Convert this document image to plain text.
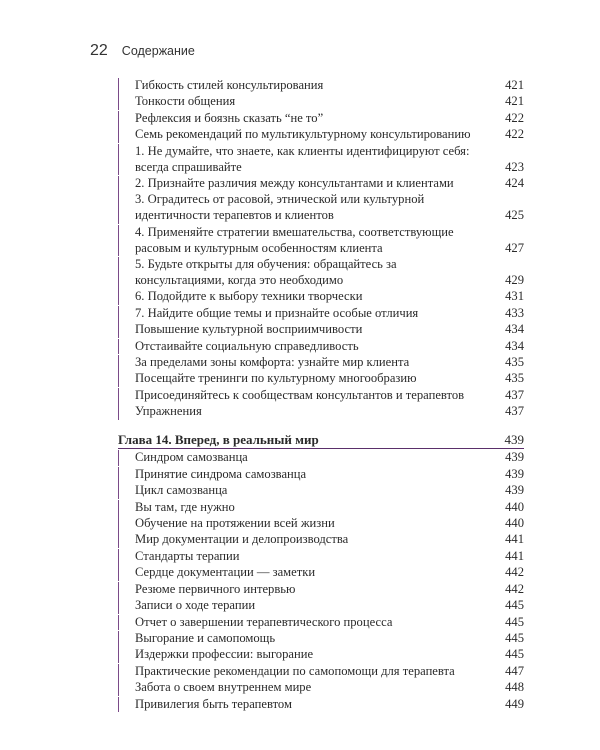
22 Содержание
Гибкость стилей консультирования	421
Тонкости общения	421
Рефлексия и боязнь сказать “не то”	422
Семь рекомендаций по мультикультурному консультированию	422
1. Не думайте, что знаете, как клиенты идентифицируют себя: всегда спрашивайте	423
2. Признайте различия между консультантами и клиентами	424
3. Оградитесь от расовой, этнической или культурной идентичности терапевтов и клиентов	425
4. Применяйте стратегии вмешательства, соответствующие расовым и культурным особенностям клиента	427
5. Будьте открыты для обучения: обращайтесь за консультациями, когда это необходимо	429
6. Подойдите к выбору техники творчески	431
7. Найдите общие темы и признайте особые отличия	433
Повышение культурной восприимчивости	434
Отстаивайте социальную справедливость	434
За пределами зоны комфорта: узнайте мир клиента	435
Посещайте тренинги по культурному многообразию	435
Присоединяйтесь к сообществам консультантов и терапевтов	437
Упражнения	437
Глава 14. Вперед, в реальный мир	439
Синдром самозванца	439
Принятие синдрома самозванца	439
Цикл самозванца	439
Вы там, где нужно	440
Обучение на протяжении всей жизни	440
Мир документации и делопроизводства	441
Стандарты терапии	441
Сердце документации — заметки	442
Резюме первичного интервью	442
Записи о ходе терапии	445
Отчет о завершении терапевтического процесса	445
Выгорание и самопомощь	445
Издержки профессии: выгорание	445
Практические рекомендации по самопомощи для терапевта	447
Забота о своем внутреннем мире	448
Привилегия быть терапевтом	449
